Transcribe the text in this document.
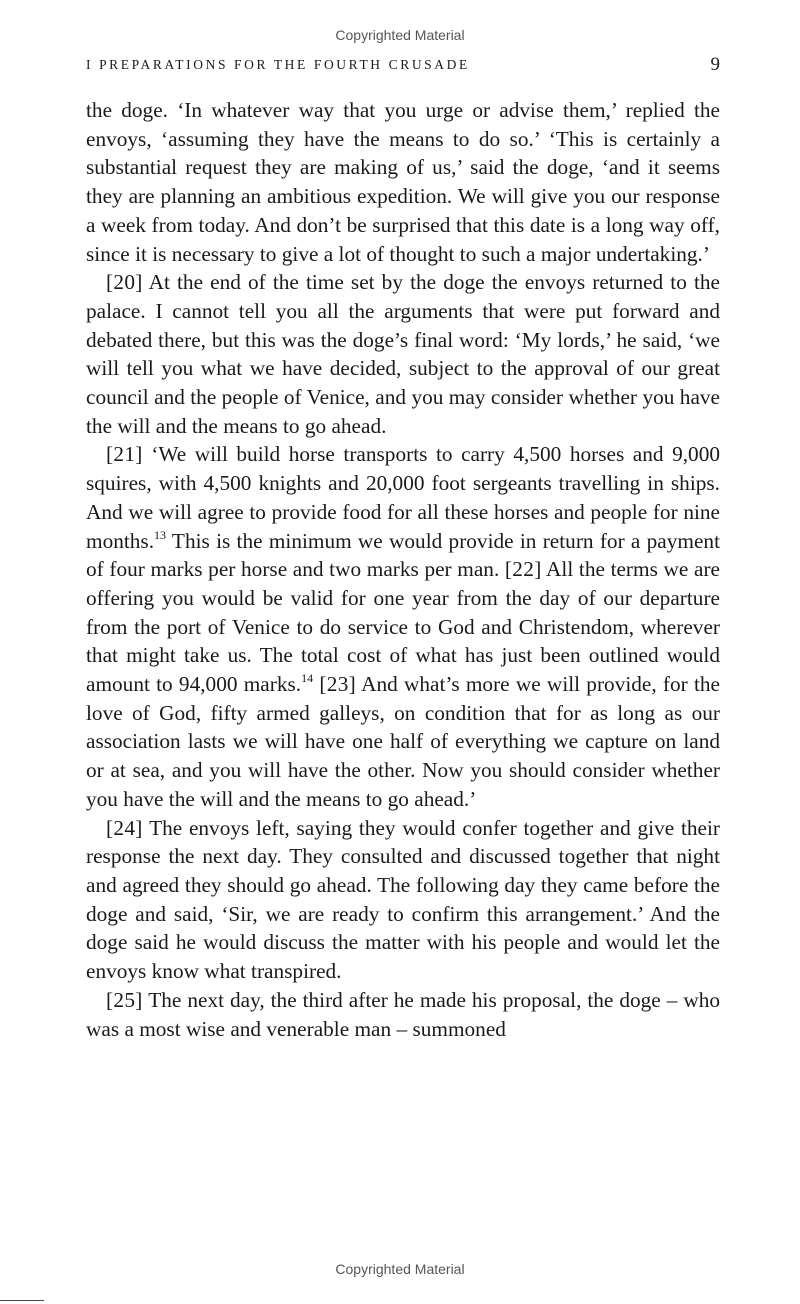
Copyrighted Material
I PREPARATIONS FOR THE FOURTH CRUSADE	9

the doge. ‘In whatever way that you urge or advise them,’ replied the envoys, ‘assuming they have the means to do so.’ ‘This is certainly a substantial request they are making of us,’ said the doge, ‘and it seems they are planning an ambitious expedition. We will give you our response a week from today. And don’t be surprised that this date is a long way off, since it is necessary to give a lot of thought to such a major undertaking.’

[20] At the end of the time set by the doge the envoys returned to the palace. I cannot tell you all the arguments that were put forward and debated there, but this was the doge’s final word: ‘My lords,’ he said, ‘we will tell you what we have decided, subject to the approval of our great council and the people of Venice, and you may consider whether you have the will and the means to go ahead.

[21] ‘We will build horse transports to carry 4,500 horses and 9,000 squires, with 4,500 knights and 20,000 foot sergeants travelling in ships. And we will agree to provide food for all these horses and people for nine months.$^{13}$ This is the minimum we would provide in return for a payment of four marks per horse and two marks per man. [22] All the terms we are offering you would be valid for one year from the day of our departure from the port of Venice to do service to God and Christendom, wherever that might take us. The total cost of what has just been outlined would amount to 94,000 marks.$^{14}$ [23] And what’s more we will provide, for the love of God, fifty armed galleys, on condition that for as long as our association lasts we will have one half of everything we capture on land or at sea, and you will have the other. Now you should consider whether you have the will and the means to go ahead.’

[24] The envoys left, saying they would confer together and give their response the next day. They consulted and discussed together that night and agreed they should go ahead. The following day they came before the doge and said, ‘Sir, we are ready to confirm this arrangement.’ And the doge said he would discuss the matter with his people and would let the envoys know what transpired.

[25] The next day, the third after he made his proposal, the doge – who was a most wise and venerable man – summoned

Copyrighted Material
